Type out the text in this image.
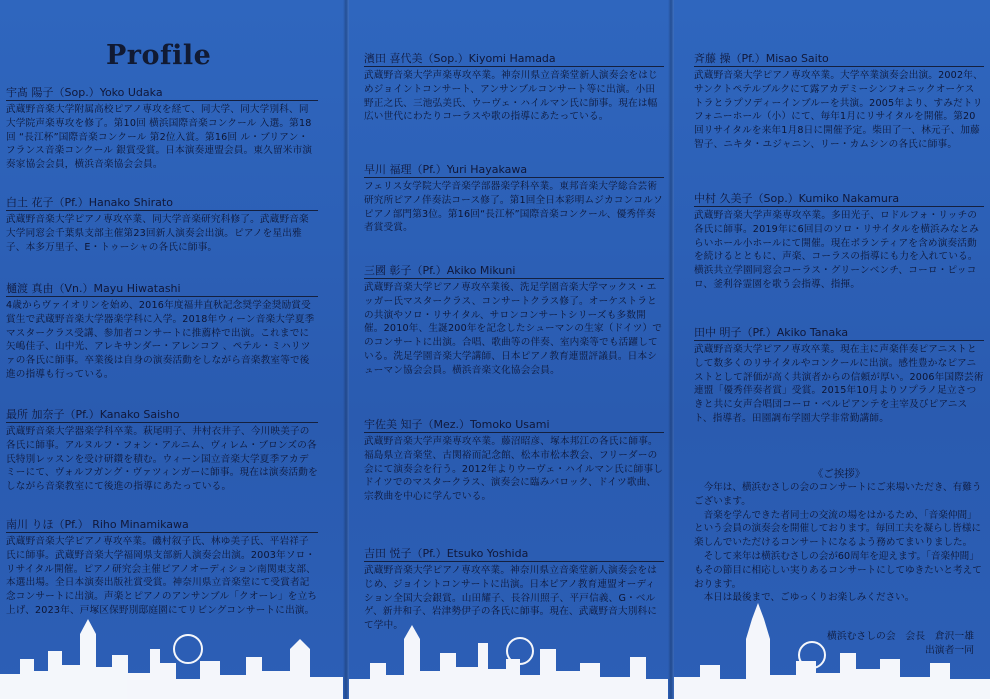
Profile
宇髙 陽子（Sop.）Yoko Udaka
武蔵野音楽大学附属高校ピアノ専攻を経て、同大学、同大学別科、同大学院声楽専攻を修了。第10回 横浜国際音楽コンクール 入選。第18回 “長江杯”国際音楽コンクール 第2位入賞。第16回 ル・ブリアン・フランス音楽コンクール 銀賞受賞。日本演奏連盟会員。東久留米市演奏家協会会員，横浜音楽協会会員。
白土 花子（Pf.）Hanako Shirato
武蔵野音楽大学ピアノ専攻卒業、同大学音楽研究科修了。武蔵野音楽大学同窓会千葉県支部主催第23回新人演奏会出演。ピアノを星出雅子、本多万里子、E・トゥーシャの各氏に師事。
樋渡 真由（Vn.）Mayu Hiwatashi
4歳からヴァイオリンを始め、2016年度福井直秋記念奨学金奨励賞受賞生で武蔵野音楽大学器楽学科に入学。2018年ウィーン音楽大学夏季マスタークラス受講、参加者コンサートに推薦枠で出演。これまでに矢嶋佳子、山中光、アレキサンダー・アレンコフ 、ペテル・ミハリツァの各氏に師事。卒業後は自身の演奏活動をしながら音楽教室等で後進の指導も行っている。
最所 加奈子（Pf.）Kanako Saisho
武蔵野音楽大学器楽学科卒業。萩尾明子、井村衣井子、今川映美子の各氏に師事。アルヌルフ・フォン・アルニム、ヴィレム・ブロンズの各氏特別レッスンを受け研鑽を積む。ウィーン国立音楽大学夏季アカデミーにて、ヴォルフガング・ヴァツィンガーに師事。現在は演奏活動をしながら音楽教室にて後進の指導にあたっている。
南川 りほ（Pf.） Riho Minamikawa
武蔵野音楽大学ピアノ専攻卒業。磯村叙子氏、林ゆ美子氏、平岩祥子氏に師事。武蔵野音楽大学福岡県支部新人演奏会出演。2003年ソロ・リサイタル開催。ピアノ研究会主催ピアノオーディション南関東支部、本選出場。全日本演奏出版社賞受賞。神奈川県立音楽堂にて受賞者記念コンサートに出演。声楽とピアノのアンサンブル「クオーレ」を立ち上げ、2023年、戸塚区保野別邸庭園にてリビングコンサートに出演。
濱田 喜代美（Sop.）Kiyomi Hamada
武蔵野音楽大学声楽専攻卒業。神奈川県立音楽堂新人演奏会をはじめジョイントコンサート、アンサンブルコンサート等に出演。小田野正之氏、三池弘美氏、ウーヴェ・ハイルマン氏に師事。現在は幅広い世代にわたりコーラスや歌の指導にあたっている。
早川 福理（Pf.）Yuri Hayakawa
フェリス女学院大学音楽学部器楽学科卒業。東邦音楽大学総合芸術研究所ピアノ伴奏法コース修了。第1回全日本彩明ムジカコンコルソピアノ部門第3位。第16回“長江杯”国際音楽コンクール、優秀伴奏者賞受賞。
三國 彰子（Pf.）Akiko Mikuni
武蔵野音楽大学ピアノ専攻卒業後、洗足学園音楽大学マックス・エッガー氏マスタークラス、コンサートクラス修了。オーケストラとの共演やソロ・リサイタル、サロンコンサートシリーズも多数開催。2010年、生誕200年を記念したシューマンの生家（ドイツ）でのコンサートに出演。合唱、歌曲等の伴奏、室内楽等でも活躍している。洗足学園音楽大学講師、日本ピアノ教育連盟評議員。日本シューマン協会会員。横浜音楽文化協会会員。
宇佐美 知子（Mez.）Tomoko Usami
武蔵野音楽大学声楽専攻卒業。藤沼昭彦、塚本邦江の各氏に師事。福島県立音楽堂、古関裕而記念館、松本市松本教会、フリーダーの会にて演奏会を行う。2012年よりウーヴェ・ハイルマン氏に師事しドイツでのマスタークラス、演奏会に臨みバロック、ドイツ歌曲、宗教曲を中心に学んでいる。
吉田 悦子（Pf.）Etsuko Yoshida
武蔵野音楽大学ピアノ専攻卒業。神奈川県立音楽堂新人演奏会をはじめ、ジョイントコンサートに出演。日本ピアノ教育連盟オーディション全国大会銀賞。山田耀子、長谷川照子、平戸信義、G・ベルゲ、新井和子、岩津勢伊子の各氏に師事。現在、武蔵野音大別科にて学中。
斉藤 操（Pf.）Misao Saito
武蔵野音楽大学ピアノ専攻卒業。大学卒業演奏会出演。2002年、サンクトペテルブルクにて露アカデミーシンフォニックオーケストラとラプソディーインブルーを共演。2005年より、すみだトリフォニーホール（小）にて、毎年1月にリサイタルを開催。第20回リサイタルを来年1月8日に開催予定。柴田了一、林元子、加藤智子、ニキタ・ユジャニン、リー・カムシンの各氏に師事。
中村 久美子（Sop.）Kumiko Nakamura
武蔵野音楽大学声楽専攻卒業。多田光子、ロドルフォ・リッチの各氏に師事。2019年に6回目のソロ・リサイタルを横浜みなとみらいホール小ホールにて開催。現在ボランティアを含め演奏活動を続けるとともに、声楽、コーラスの指導にも力を入れている。横浜共立学園同窓会コーラス・グリーンベンチ、コーロ・ピッコロ、釜利谷霊園を歌う会指導、指揮。
田中 明子（Pf.）Akiko Tanaka
武蔵野音楽大学ピアノ専攻卒業。現在主に声楽伴奏ピアニストとして数多くのリサイタルやコンクールに出演。感性豊かなピアニストとして評価が高く共演者からの信頼が厚い。2006年国際芸術連盟「優秀伴奏者賞」受賞。2015年10月よりソプラノ足立さつきと共に女声合唱団コーロ・ベルピアンテを主宰及びピアニスト、指導者。田園調布学園大学非常勤講師。
《ご挨拶》

今年は、横浜むさしの会のコンサートにご来場いただき、有難うございます。

音楽を学んできた者同士の交流の場をはかるため、「音楽仲間」という会員の演奏会を開催しております。毎回工夫を凝らし皆様に楽しんでいただけるコンサートになるよう務めてまいりました。

そして来年は横浜むさしの会が60周年を迎えます。「音楽仲間」もその節目に相応しい実りあるコンサートにしてゆきたいと考えております。

本日は最後まで、ごゆっくりお楽しみください。

横浜むさしの会　会長　倉沢一雄
出演者一同
